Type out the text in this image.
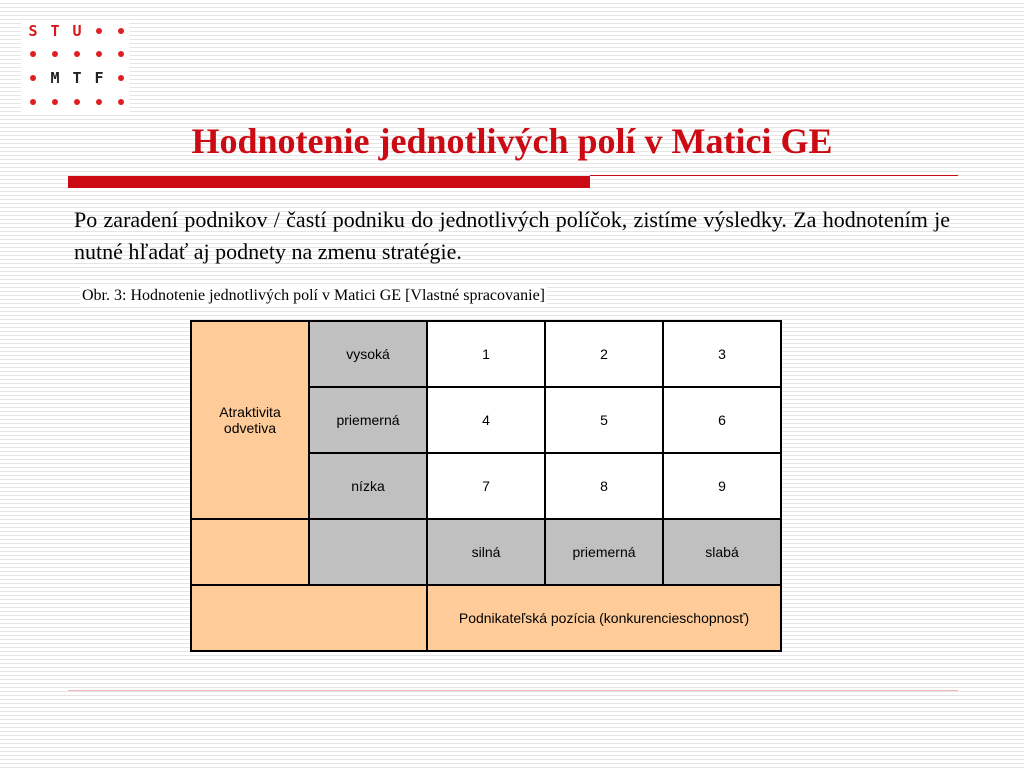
S T U
M T F
Hodnotenie jednotlivých polí v Matici GE
Po zaradení podnikov / častí podniku do jednotlivých políčok, zistíme výsledky. Za hodnotením je nutné hľadať aj podnety na zmenu stratégie.
Obr. 3: Hodnotenie jednotlivých polí v Matici GE [Vlastné spracovanie]
Atraktivita odvetiva	vysoká	1	2	3
	priemerná	4	5	6
	nízka	7	8	9
		silná	priemerná	slabá
		Podnikateľská pozícia (konkurencieschopnosť)		
